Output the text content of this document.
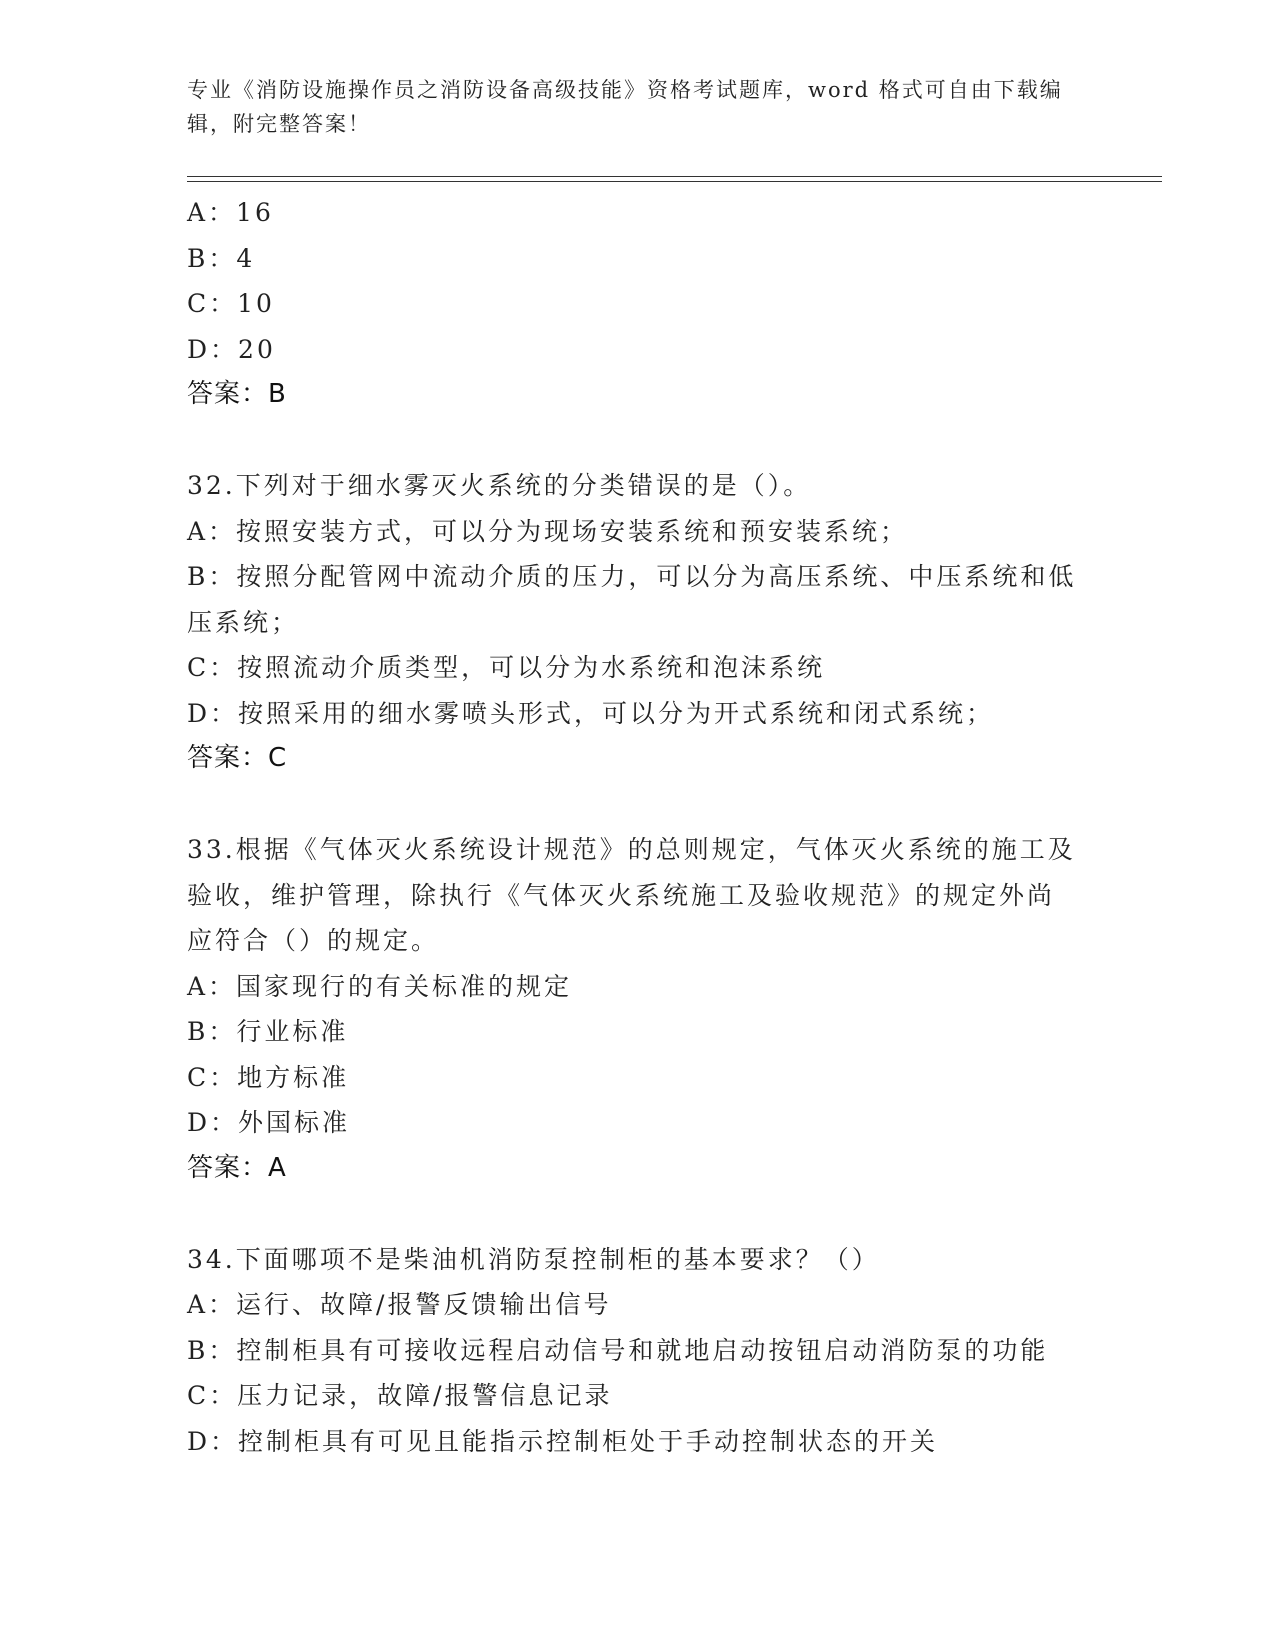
专业《消防设施操作员之消防设备高级技能》资格考试题库，word 格式可自由下载编辑，附完整答案！
A：16
B：4
C：10
D：20
答案：B
32.下列对于细水雾灭火系统的分类错误的是（）。
A：按照安装方式，可以分为现场安装系统和预安装系统；
B：按照分配管网中流动介质的压力，可以分为高压系统、中压系统和低压系统；
C：按照流动介质类型，可以分为水系统和泡沫系统
D：按照采用的细水雾喷头形式，可以分为开式系统和闭式系统；
答案：C
33.根据《气体灭火系统设计规范》的总则规定，气体灭火系统的施工及验收，维护管理，除执行《气体灭火系统施工及验收规范》的规定外尚应符合（）的规定。
A：国家现行的有关标准的规定
B：行业标准
C：地方标准
D：外国标准
答案：A
34.下面哪项不是柴油机消防泵控制柜的基本要求？（）
A：运行、故障/报警反馈输出信号
B：控制柜具有可接收远程启动信号和就地启动按钮启动消防泵的功能
C：压力记录，故障/报警信息记录
D：控制柜具有可见且能指示控制柜处于手动控制状态的开关
